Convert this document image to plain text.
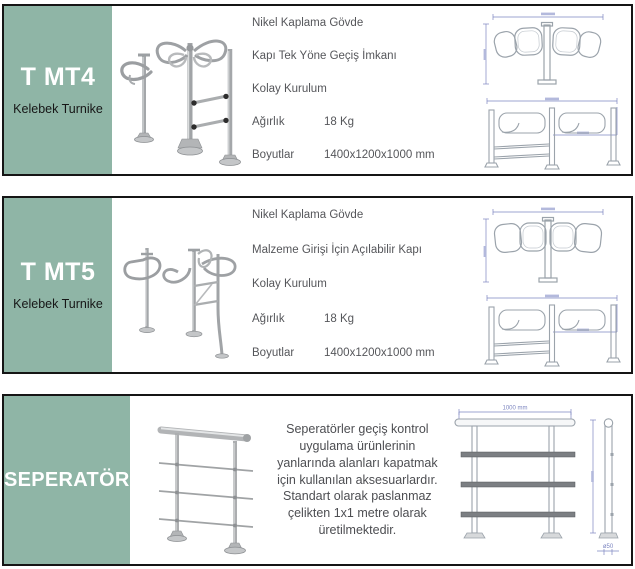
T MT4
Kelebek Turnike
Nikel Kaplama Gövde
Kapı Tek Yöne Geçiş İmkanı
Kolay Kurulum
Ağırlık	18 Kg
Boyutlar	1400x1200x1000 mm
T MT5
Kelebek Turnike
Nikel Kaplama Gövde
Malzeme Girişi İçin Açılabilir Kapı
Kolay Kurulum
Ağırlık	18 Kg
Boyutlar	1400x1200x1000 mm
SEPERATÖR
Seperatörler geçiş kontrol uygulama ürünlerinin yanlarında alanları kapatmak için kullanılan aksesuarlardır. Standart olarak paslanmaz çelikten 1x1 metre olarak üretilmektedir.
1000 mm
ø50
